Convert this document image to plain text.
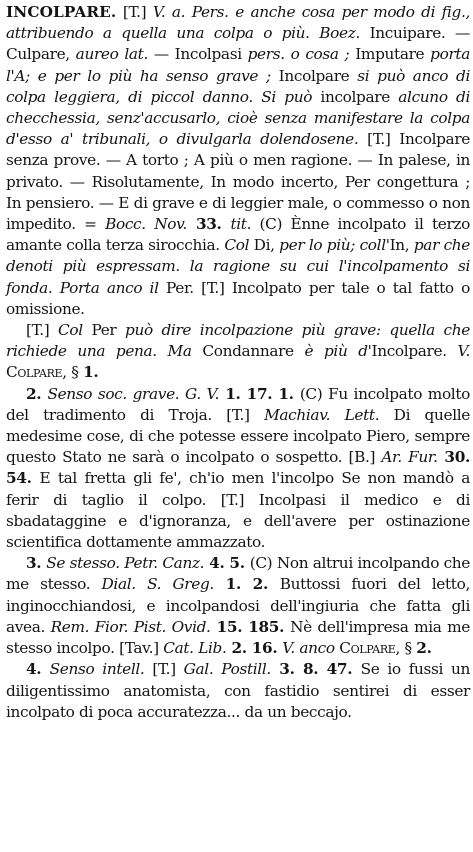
INCOLPARE. [T.] V. a. Pers. e anche cosa per modo di fig., attribuendo a quella una colpa o più. Boez. Incuipare. — Culpare, aureo lat. — Incolpasi pers. o cosa ; Imputare porta l'A; e per lo più ha senso grave ; Incolpare si può anco di colpa leggiera, di piccol danno. Si può incolpare alcuno di checchessia, senz'accusarlo, cioè senza manifestare la colpa d'esso a' tribunali, o divulgarla dolendosene. [T.] Incolpare senza prove. — A torto ; A più o men ragione. — In palese, in privato. — Risolutamente, In modo incerto, Per congettura ; In pensiero. — E di grave e di leggier male, o commesso o non impedito. = Bocc. Nov. 33. tit. (C) Ènne incolpato il terzo amante colla terza sirocchia. Col Di, per lo più; coll'In, par che denoti più espressam. la ragione su cui l'incolpamento si fonda. Porta anco il Per. [T.] Incolpato per tale o tal fatto o omissione.

[T.] Col Per può dire incolpazione più grave: quella che richiede una pena. Ma Condannare è più d'Incolpare. V. Colpare, § 1.

2. Senso soc. grave. G. V. 1. 17. 1. (C) Fu incolpato molto del tradimento di Troja. [T.] Machiav. Lett. Di quelle medesime cose, di che potesse essere incolpato Piero, sempre questo Stato ne sarà o incolpato o sospetto. [B.] Ar. Fur. 30. 54. E tal fretta gli fe', ch'io men l'incolpo Se non mandò a ferir di taglio il colpo. [T.] Incolpasi il medico e di sbadataggine e d'ignoranza, e dell'avere per ostinazione scientifica dottamente ammazzato.

3. Se stesso. Petr. Canz. 4. 5. (C) Non altrui incolpando che me stesso. Dial. S. Greg. 1. 2. Buttossi fuori del letto, inginocchiandosi, e incolpandosi dell'ingiuria che fatta gli avea. Rem. Fior. Pist. Ovid. 15. 185. Nè dell'impresa mia me stesso incolpo. [Tav.] Cat. Lib. 2. 16. V. anco Colpare, § 2.

4. Senso intell. [T.] Gal. Postill. 3. 8. 47. Se io fussi un diligentissimo anatomista, con fastidio sentirei di esser incolpato di poca accuratezza... da un beccajo.
